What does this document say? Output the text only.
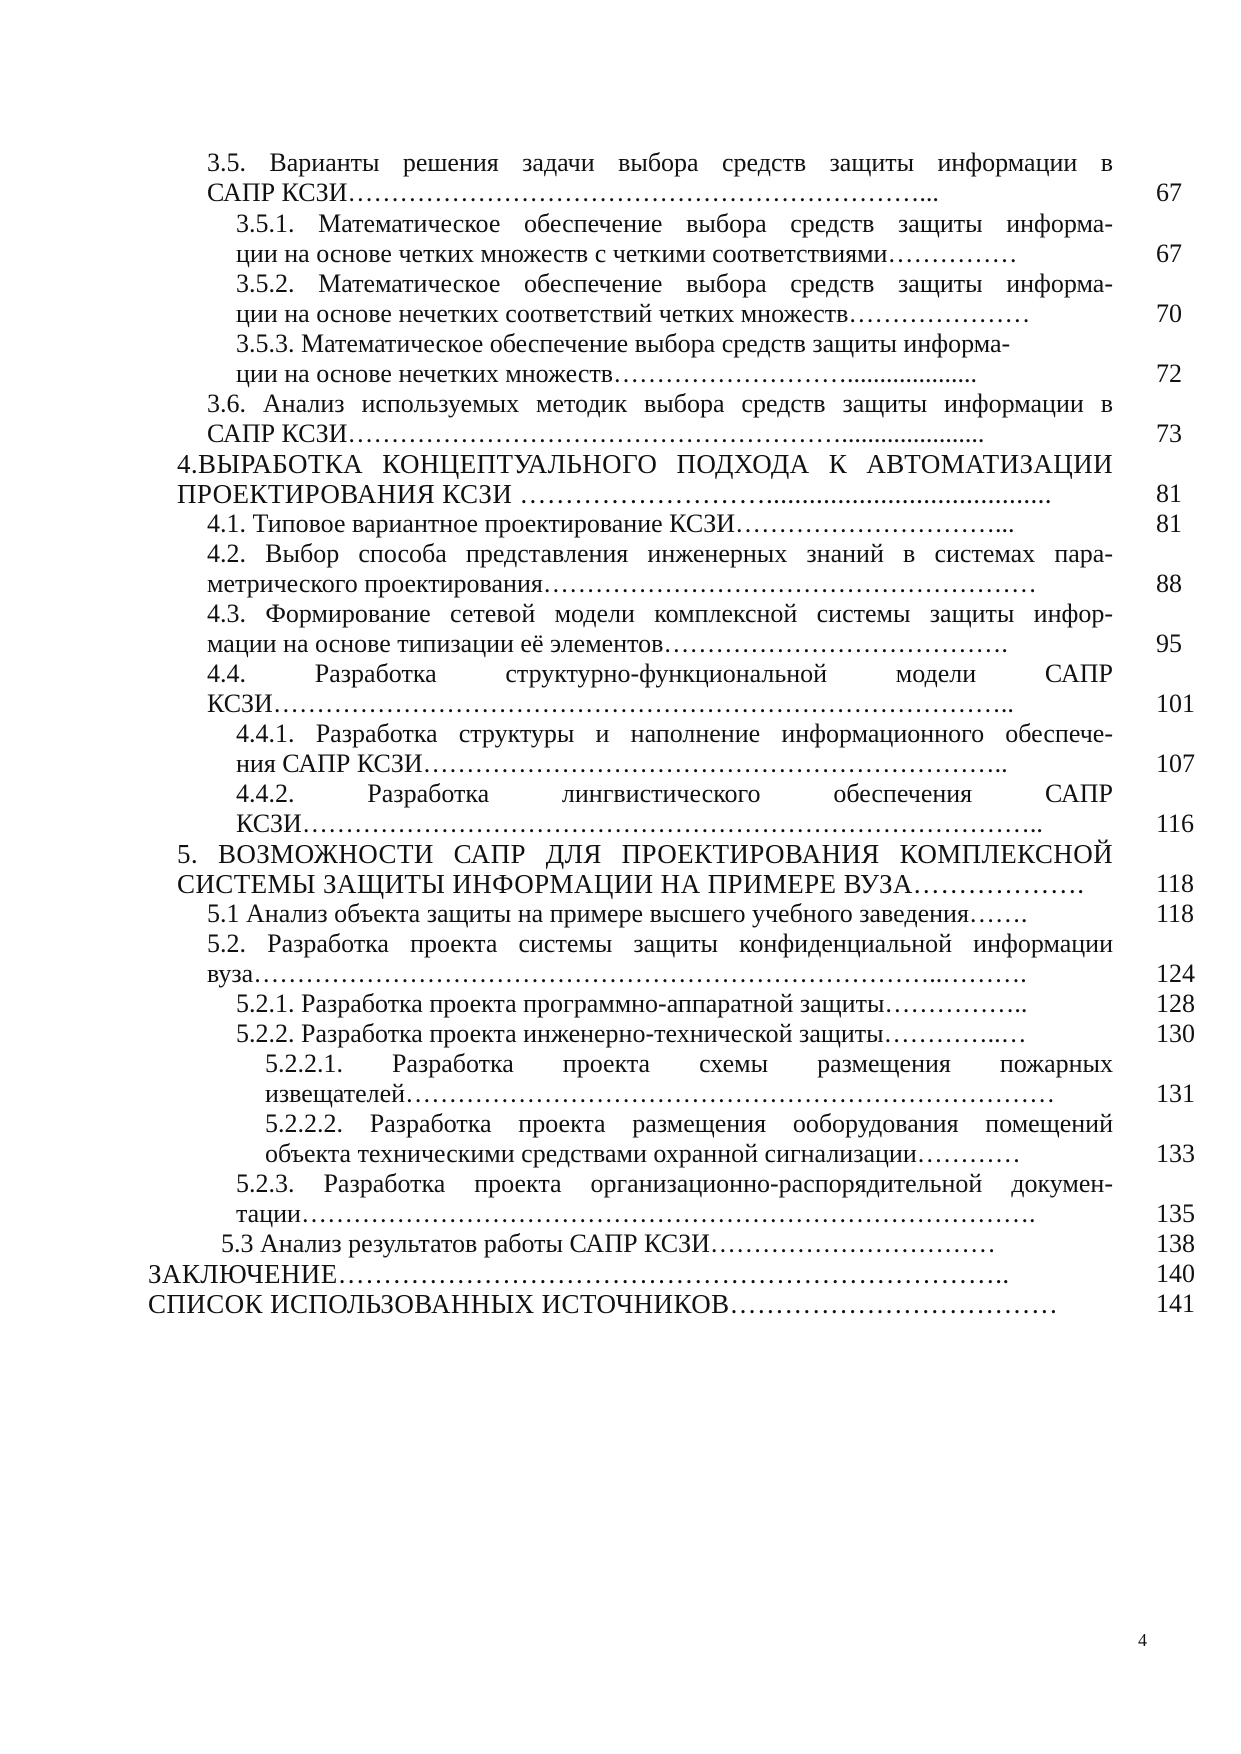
3.5. Варианты решения задачи выбора средств защиты информации в
САПР КСЗИ…………………………………………………………...	67
3.5.1. Математическое обеспечение выбора средств защиты информа-
ции на основе четких множеств с четкими соответствиями……………	67
3.5.2. Математическое обеспечение выбора средств защиты информа-
ции на основе нечетких соответствий четких множеств…………………	70
3.5.3. Математическое обеспечение выбора средств защиты информа-
ции на основе нечетких множеств………………………....................	72
3.6. Анализ используемых методик выбора средств защиты информации в
САПР КСЗИ…………………………………………………......................	73
4.ВЫРАБОТКА КОНЦЕПТУАЛЬНОГО ПОДХОДА К АВТОМАТИЗАЦИИ
ПРОЕКТИРОВАНИЯ КСЗИ ………………………........................................	81
4.1. Типовое вариантное проектирование КСЗИ…………………………...	81
4.2. Выбор способа представления инженерных знаний в системах пара-
метрического проектирования…………………………………………………	88
4.3. Формирование сетевой модели комплексной системы защиты инфор-
мации на основе типизации её элементов………………………………….	95
4.4. Разработка структурно-функциональной модели САПР
КСЗИ…………………………………………………………………………..	101
4.4.1. Разработка структуры и наполнение информационного обеспече-
ния САПР КСЗИ…………………………………………………………..	107
4.4.2. Разработка лингвистического обеспечения САПР
КСЗИ…………………………………………………………………………..	116
5. ВОЗМОЖНОСТИ САПР ДЛЯ ПРОЕКТИРОВАНИЯ КОМПЛЕКСНОЙ
СИСТЕМЫ ЗАЩИТЫ ИНФОРМАЦИИ НА ПРИМЕРЕ ВУЗА……………….	118
5.1 Анализ объекта защиты на примере высшего учебного заведения…….	118
5.2. Разработка проекта системы защиты конфиденциальной информации
вуза……………………………………………………………………..……….	124
5.2.1. Разработка проекта программно-аппаратной защиты……………..	128
5.2.2. Разработка проекта инженерно-технической защиты…………..…	130
5.2.2.1. Разработка проекта схемы размещения пожарных
извещателей…………………………………………………………………	131
5.2.2.2. Разработка проекта размещения ооборудования помещений
объекта техническими средствами охранной сигнализации…………	133
5.2.3. Разработка проекта организационно-распорядительной докумен-
тации………………………………………………………………………….	135
5.3 Анализ результатов работы САПР КСЗИ……………………………	138
ЗАКЛЮЧЕНИЕ………………………………………………………………..	140
СПИСОК ИСПОЛЬЗОВАННЫХ ИСТОЧНИКОВ………………………………	141
4
